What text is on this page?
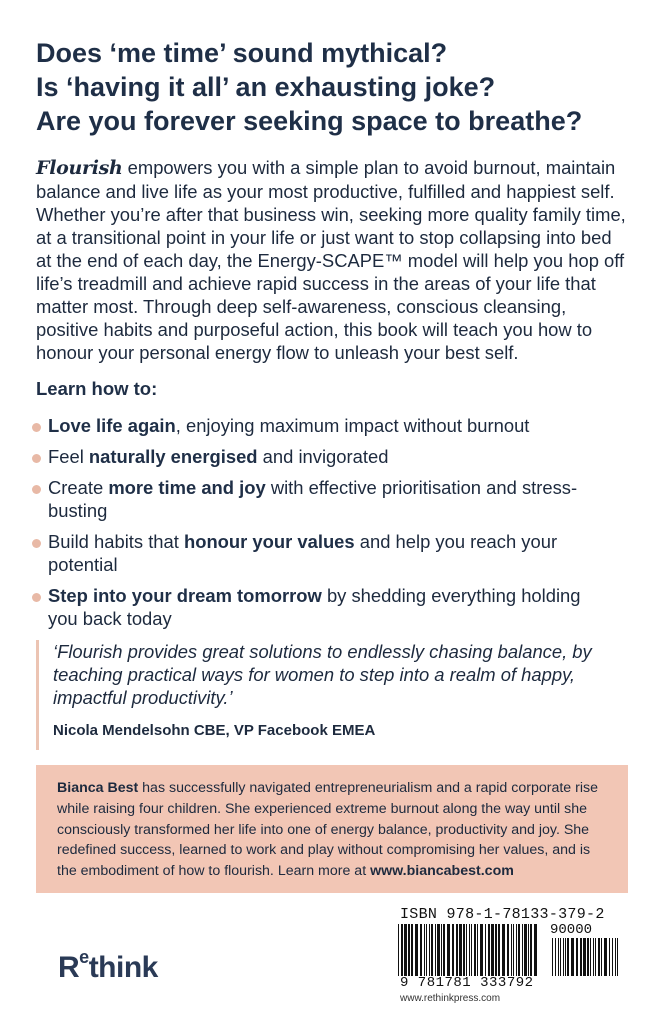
Does ‘me time’ sound mythical?
Is ‘having it all’ an exhausting joke?
Are you forever seeking space to breathe?
Flourish empowers you with a simple plan to avoid burnout, maintain balance and live life as your most productive, fulfilled and happiest self. Whether you’re after that business win, seeking more quality family time, at a transitional point in your life or just want to stop collapsing into bed at the end of each day, the Energy-SCAPE™ model will help you hop off life’s treadmill and achieve rapid success in the areas of your life that matter most. Through deep self-awareness, conscious cleansing, positive habits and purposeful action, this book will teach you how to honour your personal energy flow to unleash your best self.
Learn how to:
Love life again, enjoying maximum impact without burnout
Feel naturally energised and invigorated
Create more time and joy with effective prioritisation and stress-busting
Build habits that honour your values and help you reach your potential
Step into your dream tomorrow by shedding everything holding you back today
‘Flourish provides great solutions to endlessly chasing balance, by teaching practical ways for women to step into a realm of happy, impactful productivity.’
Nicola Mendelsohn CBE, VP Facebook EMEA
Bianca Best has successfully navigated entrepreneurialism and a rapid corporate rise while raising four children. She experienced extreme burnout along the way until she consciously transformed her life into one of energy balance, productivity and joy. She redefined success, learned to work and play without compromising her values, and is the embodiment of how to flourish. Learn more at www.biancabest.com
$R^ethink$
ISBN 978-1-78133-379-2
90000
9 781781 333792
www.rethinkpress.com
